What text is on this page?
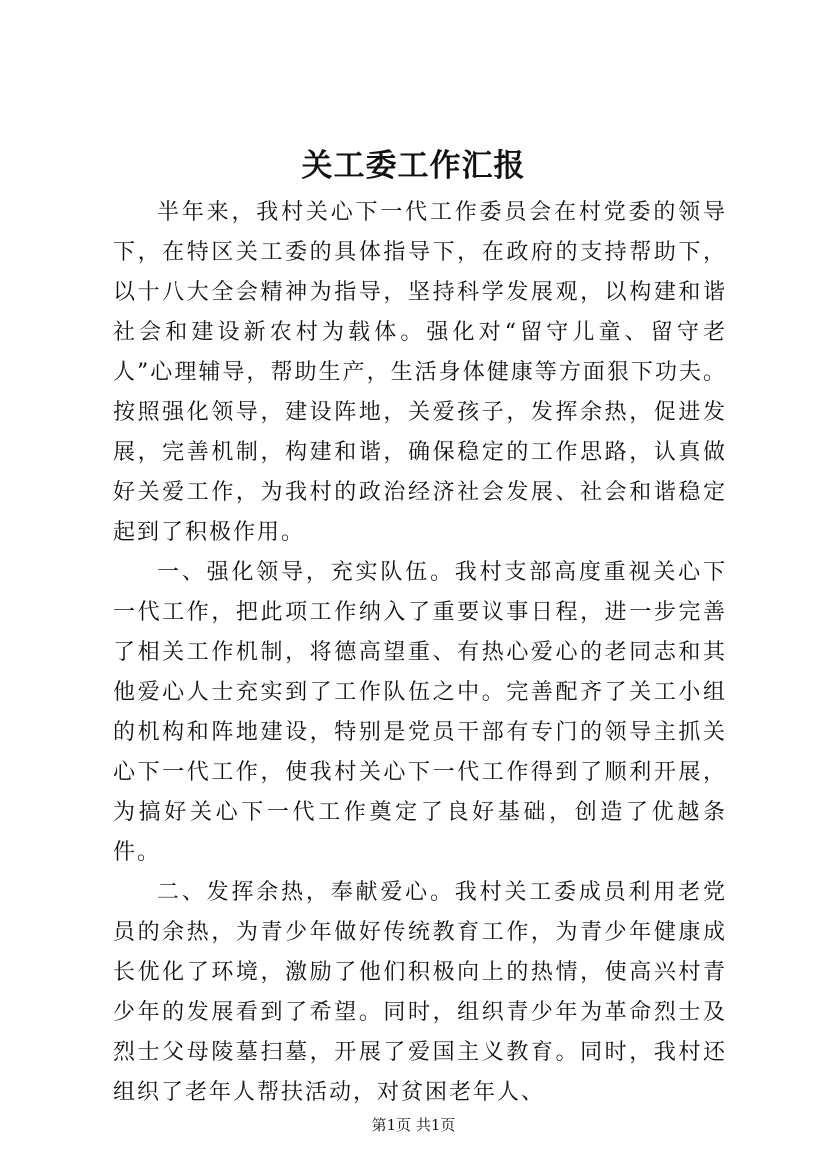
关工委工作汇报

半年来，我村关心下一代工作委员会在村党委的领导下，在特区关工委的具体指导下，在政府的支持帮助下，以十八大全会精神为指导，坚持科学发展观，以构建和谐社会和建设新农村为载体。强化对“留守儿童、留守老人”心理辅导，帮助生产，生活身体健康等方面狠下功夫。按照强化领导，建设阵地，关爱孩子，发挥余热，促进发展，完善机制，构建和谐，确保稳定的工作思路，认真做好关爱工作，为我村的政治经济社会发展、社会和谐稳定起到了积极作用。

一、强化领导，充实队伍。我村支部高度重视关心下一代工作，把此项工作纳入了重要议事日程，进一步完善了相关工作机制，将德高望重、有热心爱心的老同志和其他爱心人士充实到了工作队伍之中。完善配齐了关工小组的机构和阵地建设，特别是党员干部有专门的领导主抓关心下一代工作，使我村关心下一代工作得到了顺利开展，为搞好关心下一代工作奠定了良好基础，创造了优越条件。

二、发挥余热，奉献爱心。我村关工委成员利用老党员的余热，为青少年做好传统教育工作，为青少年健康成长优化了环境，激励了他们积极向上的热情，使高兴村青少年的发展看到了希望。同时，组织青少年为革命烈士及烈士父母陵墓扫墓，开展了爱国主义教育。同时，我村还组织了老年人帮扶活动，对贫困老年人、

第1页 共1页
